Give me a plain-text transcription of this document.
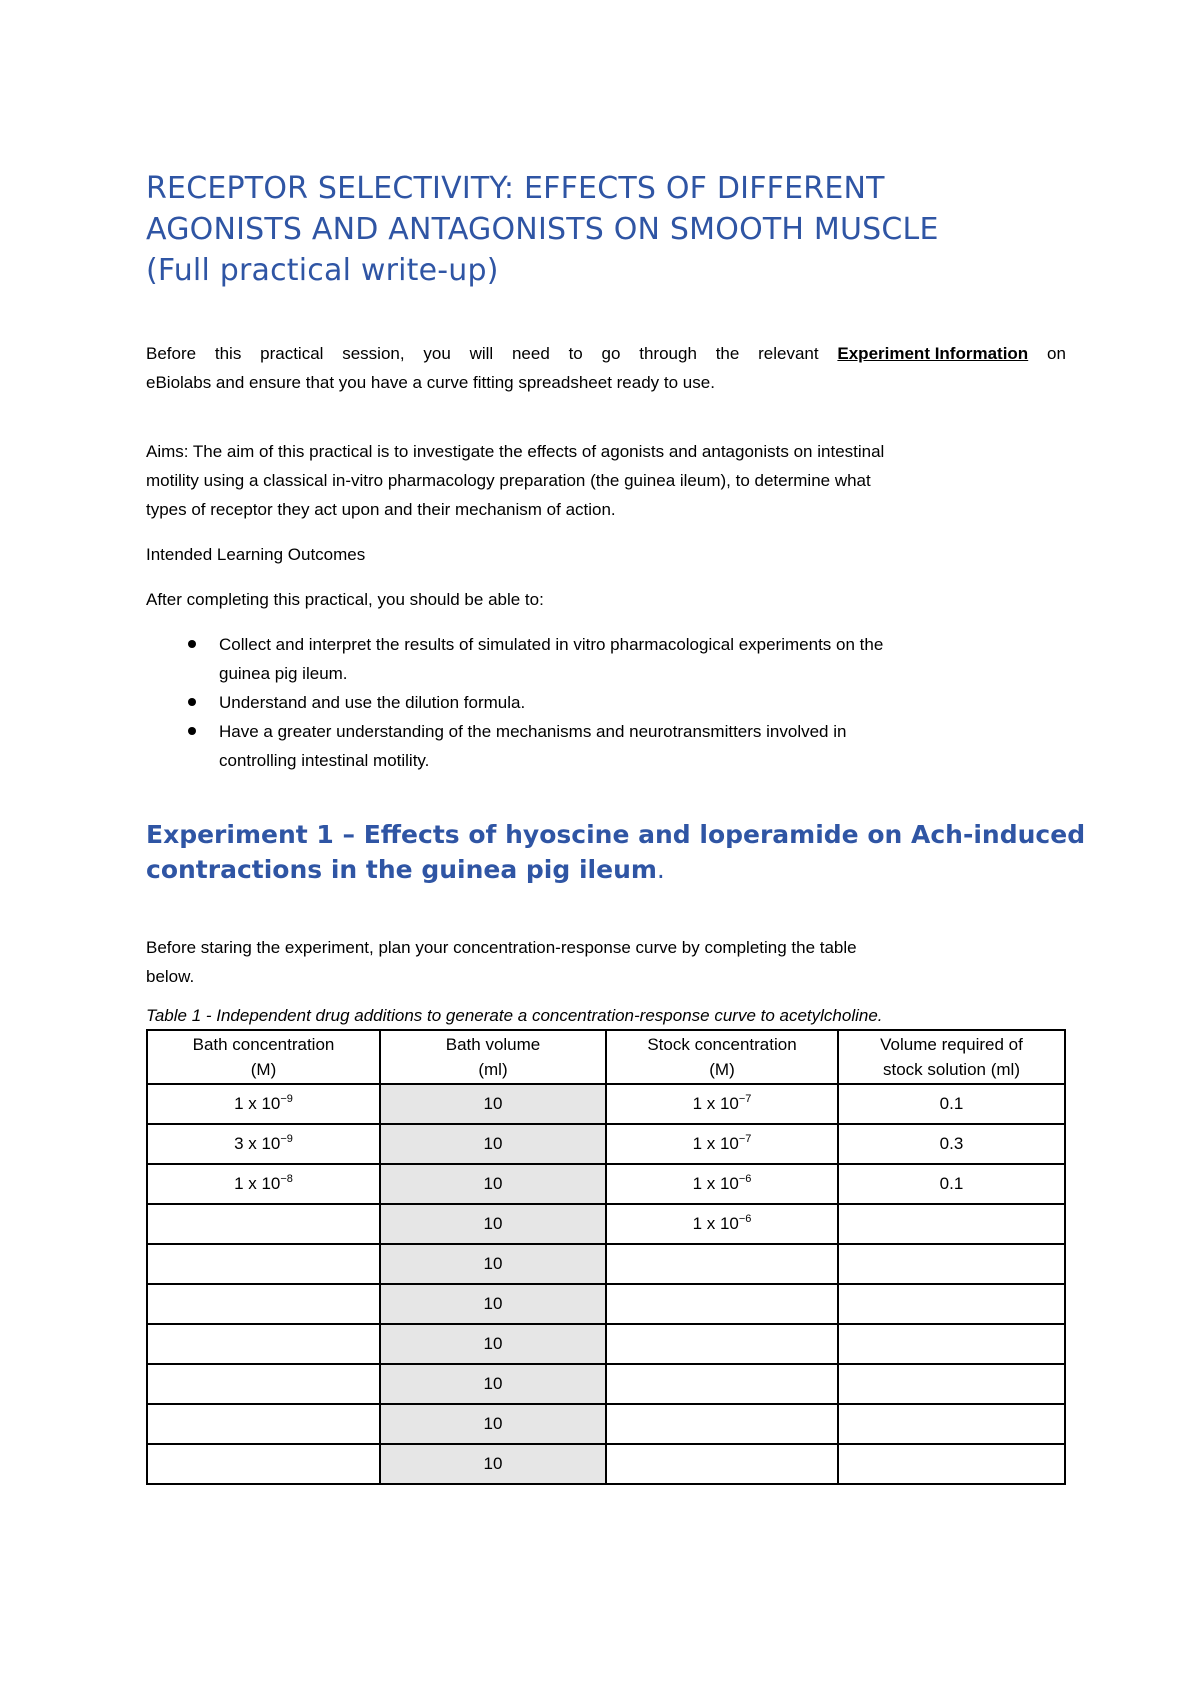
RECEPTOR SELECTIVITY: EFFECTS OF DIFFERENT
AGONISTS AND ANTAGONISTS ON SMOOTH MUSCLE
(Full practical write-up)

Before this practical session, you will need to go through the relevant Experiment Information on

eBiolabs and ensure that you have a curve fitting spreadsheet ready to use.

Aims: The aim of this practical is to investigate the effects of agonists and antagonists on intestinal

motility using a classical in-vitro pharmacology preparation (the guinea ileum), to determine what

types of receptor they act upon and their mechanism of action.

Intended Learning Outcomes

After completing this practical, you should be able to:

Collect and interpret the results of simulated in vitro pharmacological experiments on the
guinea pig ileum.
Understand and use the dilution formula.
Have a greater understanding of the mechanisms and neurotransmitters involved in
controlling intestinal motility.
Experiment 1 – Effects of hyoscine and loperamide on Ach-induced
contractions in the guinea pig ileum.

Before staring the experiment, plan your concentration-response curve by completing the table

below.

Table 1 - Independent drug additions to generate a concentration-response curve to acetylcholine.
Bath concentration
(M)	Bath volume
(ml)	Stock concentration
(M)	Volume required of
stock solution (ml)
1 x $10^{-9}$	10	1 x $10^{-7}$	0.1
3 x $10^{-9}$	10	1 x $10^{-7}$	0.3
1 x $10^{-8}$	10	1 x $10^{-6}$	0.1
	10	1 x $10^{-6}$	
	10		
	10		
	10		
	10		
	10		
	10		
